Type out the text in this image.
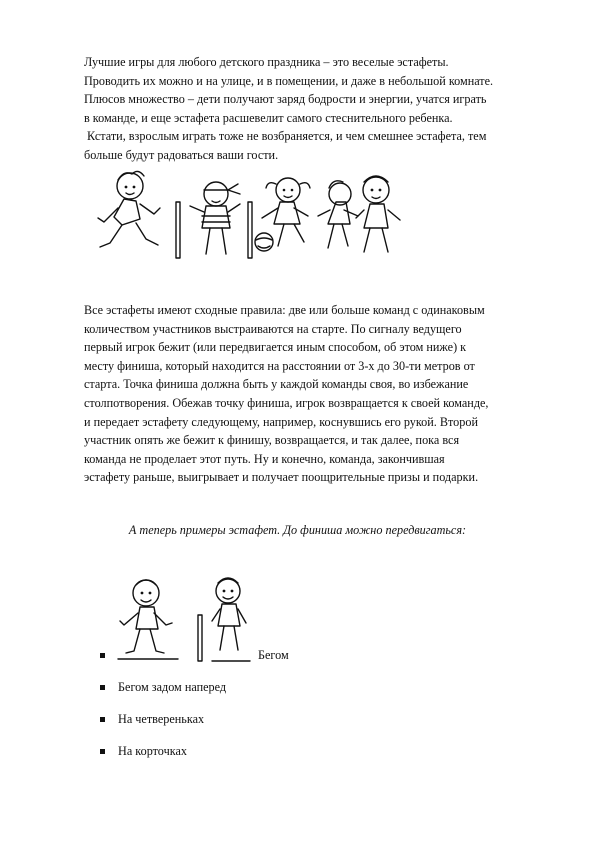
Лучшие игры для любого детского праздника – это веселые эстафеты.

Проводить их можно и на улице, и в помещении, и даже в небольшой комнате.

Плюсов множество – дети получают заряд бодрости и энергии, учатся играть

в команде, и еще эстафета расшевелит самого стеснительного ребенка.

Кстати, взрослым играть тоже не возбраняется, и чем смешнее эстафета, тем

больше будут радоваться ваши гости.

Все эстафеты имеют сходные правила: две или больше команд с одинаковым

количеством участников выстраиваются на старте. По сигналу ведущего

первый игрок бежит (или передвигается иным способом, об этом ниже) к

месту финиша, который находится на расстоянии от 3-х до 30-ти метров от

старта. Точка финиша должна быть у каждой команды своя, во избежание

столпотворения. Обежав точку финиша, игрок возвращается к своей команде,

и передает эстафету следующему, например, коснувшись его рукой. Второй

участник опять же бежит к финишу, возвращается, и так далее, пока вся

команда не проделает этот путь. Ну и конечно, команда, закончившая

эстафету раньше, выигрывает и получает поощрительные призы и подарки.

А теперь примеры эстафет. До финиша можно передвигаться:
Бегом
Бегом задом наперед
На четвереньках
На корточках
